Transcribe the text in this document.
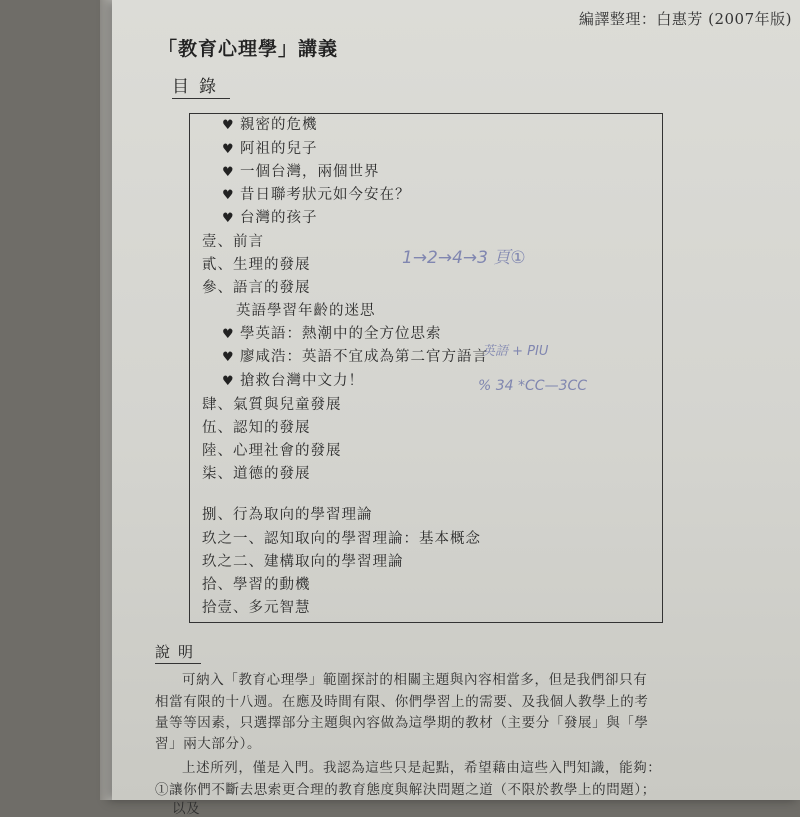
編譯整理：白惠芳 (2007年版)
「教育心理學」講義
目錄
♥ 親密的危機
♥ 阿祖的兒子
♥ 一個台灣，兩個世界
♥ 昔日聯考狀元如今安在？
♥ 台灣的孩子
壹、前言
貳、生理的發展
參、語言的發展
英語學習年齡的迷思
♥ 學英語：熱潮中的全方位思索
♥ 廖咸浩：英語不宜成為第二官方語言
♥ 搶救台灣中文力！
肆、氣質與兒童發展
伍、認知的發展
陸、心理社會的發展
柒、道德的發展
捌、行為取向的學習理論
玖之一、認知取向的學習理論：基本概念
玖之二、建構取向的學習理論
拾、學習的動機
拾壹、多元智慧
1→2→4→3 頁①
英語 + PIU
% 34 *CC—3CC
說明
可納入「教育心理學」範圍探討的相關主題與內容相當多，但是我們卻只有
相當有限的十八週。在應及時間有限、你們學習上的需要、及我個人教學上的考
量等等因素，只選擇部分主題與內容做為這學期的教材（主要分「發展」與「學
習」兩大部分）。
上述所列，僅是入門。我認為這些只是起點，希望藉由這些入門知識，能夠：
①讓你們不斷去思索更合理的教育態度與解決問題之道（不限於教學上的問題）；
以及
